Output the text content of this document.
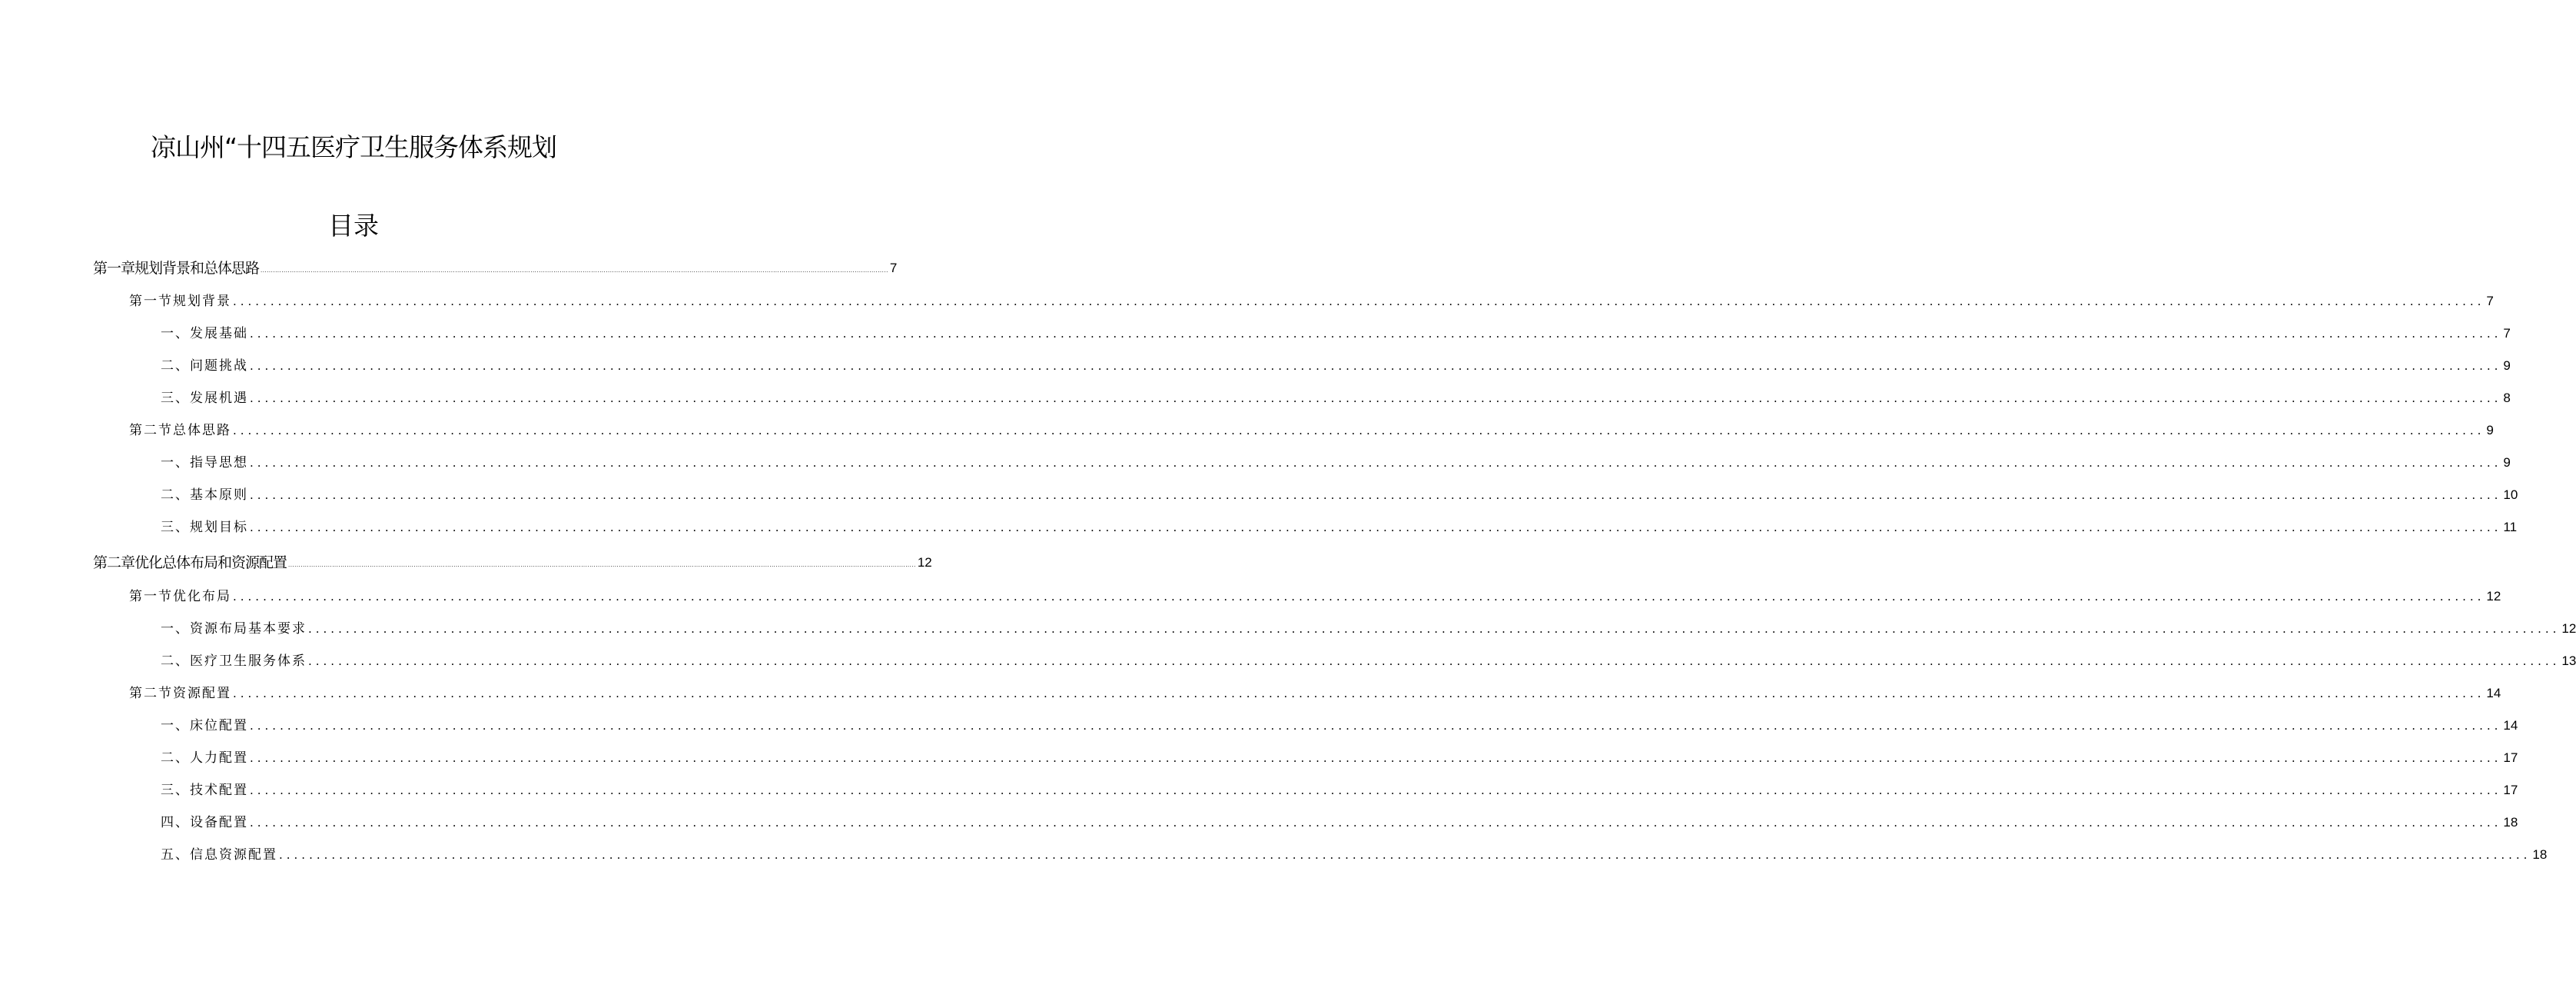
凉山州“十四五医疗卫生服务体系规划
目录
第一章规划背景和总体思路 ............................................................................................................................................................................................................................................................................................................ 7
第一节规划背景 ............................................................................................................................................................................................................................................................................................................ 7
一、发展基础 ............................................................................................................................................................................................................................................................................................................ 7
二、问题挑战 ............................................................................................................................................................................................................................................................................................................ 9
三、发展机遇 ............................................................................................................................................................................................................................................................................................................ 8
第二节总体思路 ............................................................................................................................................................................................................................................................................................................ 9
一、指导思想 ............................................................................................................................................................................................................................................................................................................ 9
二、基本原则 ............................................................................................................................................................................................................................................................................................................ 10
三、规划目标 ............................................................................................................................................................................................................................................................................................................ 11
第二章优化总体布局和资源配置 ............................................................................................................................................................................................................................................................................................................ 12
第一节优化布局 ............................................................................................................................................................................................................................................................................................................ 12
一、资源布局基本要求 ............................................................................................................................................................................................................................................................................................................ 12
二、医疗卫生服务体系 ............................................................................................................................................................................................................................................................................................................ 13
第二节资源配置 ............................................................................................................................................................................................................................................................................................................ 14
一、床位配置 ............................................................................................................................................................................................................................................................................................................ 14
二、人力配置 ............................................................................................................................................................................................................................................................................................................ 17
三、技术配置 ............................................................................................................................................................................................................................................................................................................ 17
四、设备配置 ............................................................................................................................................................................................................................................................................................................ 18
五、信息资源配置 ............................................................................................................................................................................................................................................................................................................ 18
